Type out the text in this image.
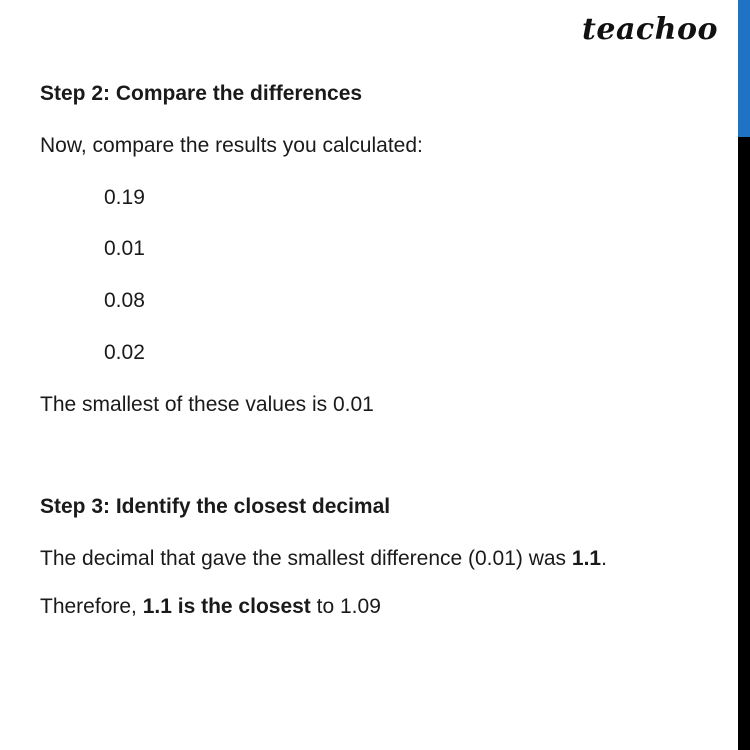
teachoo
Step 2: Compare the differences
Now, compare the results you calculated:
0.19
0.01
0.08
0.02
The smallest of these values is 0.01
Step 3: Identify the closest decimal
The decimal that gave the smallest difference (0.01) was 1.1.
Therefore, 1.1 is the closest to 1.09
